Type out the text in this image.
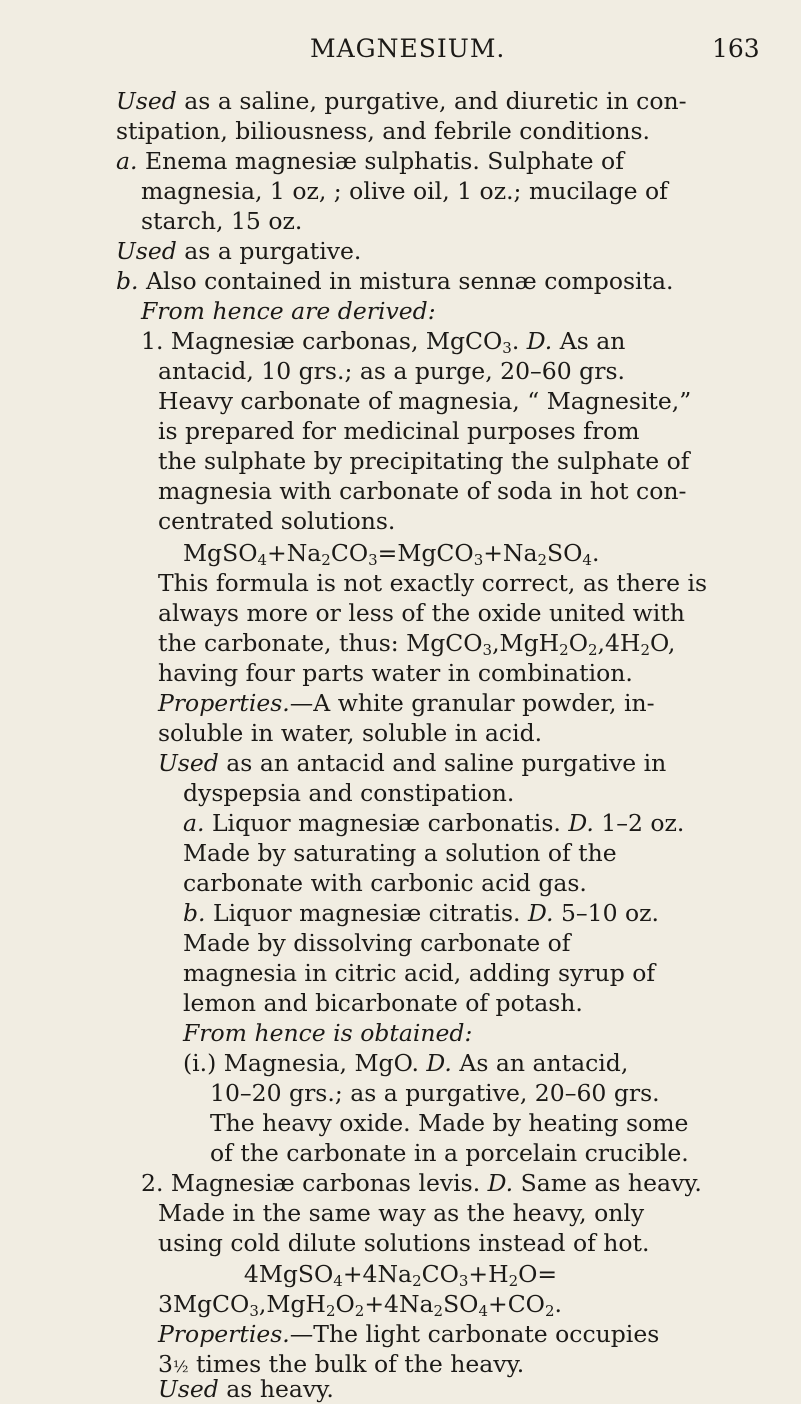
MAGNESIUM.	163
Used as a saline, purgative, and diuretic in con-
stipation, biliousness, and febrile conditions.
a. Enema magnesiæ sulphatis. Sulphate of
magnesia, 1 oz, ; olive oil, 1 oz.; mucilage of
starch, 15 oz.
Used as a purgative.
b. Also contained in mistura sennæ composita.
From hence are derived:
1. Magnesiæ carbonas, MgCO$_3$. D. As an
antacid, 10 grs.; as a purge, 20–60 grs.
Heavy carbonate of magnesia, “ Magnesite,”
is prepared for medicinal purposes from
the sulphate by precipitating the sulphate of
magnesia with carbonate of soda in hot con-
centrated solutions.
$MgSO_4+Na_2CO_3=MgCO_3+Na_2SO_4$.
This formula is not exactly correct, as there is
always more or less of the oxide united with
the carbonate, thus: $MgCO_3,MgH_2O_2,4H_2O$,
having four parts water in combination.
Properties.—A white granular powder, in-
soluble in water, soluble in acid.
Used as an antacid and saline purgative in
dyspepsia and constipation.
a. Liquor magnesiæ carbonatis. D. 1–2 oz.
Made by saturating a solution of the
carbonate with carbonic acid gas.
b. Liquor magnesiæ citratis. D. 5–10 oz.
Made by dissolving carbonate of
magnesia in citric acid, adding syrup of
lemon and bicarbonate of potash.
From hence is obtained:
(i.) Magnesia, MgO. D. As an antacid,
10–20 grs.; as a purgative, 20–60 grs.
The heavy oxide. Made by heating some
of the carbonate in a porcelain crucible.
2. Magnesiæ carbonas levis. D. Same as heavy.
Made in the same way as the heavy, only
using cold dilute solutions instead of hot.
$4MgSO_4+4Na_2CO_3+H_2O=$
$3MgCO_3,MgH_2O_2+4Na_2SO_4+CO_2$.
Properties.—The light carbonate occupies
3½ times the bulk of the heavy.
Used as heavy.
